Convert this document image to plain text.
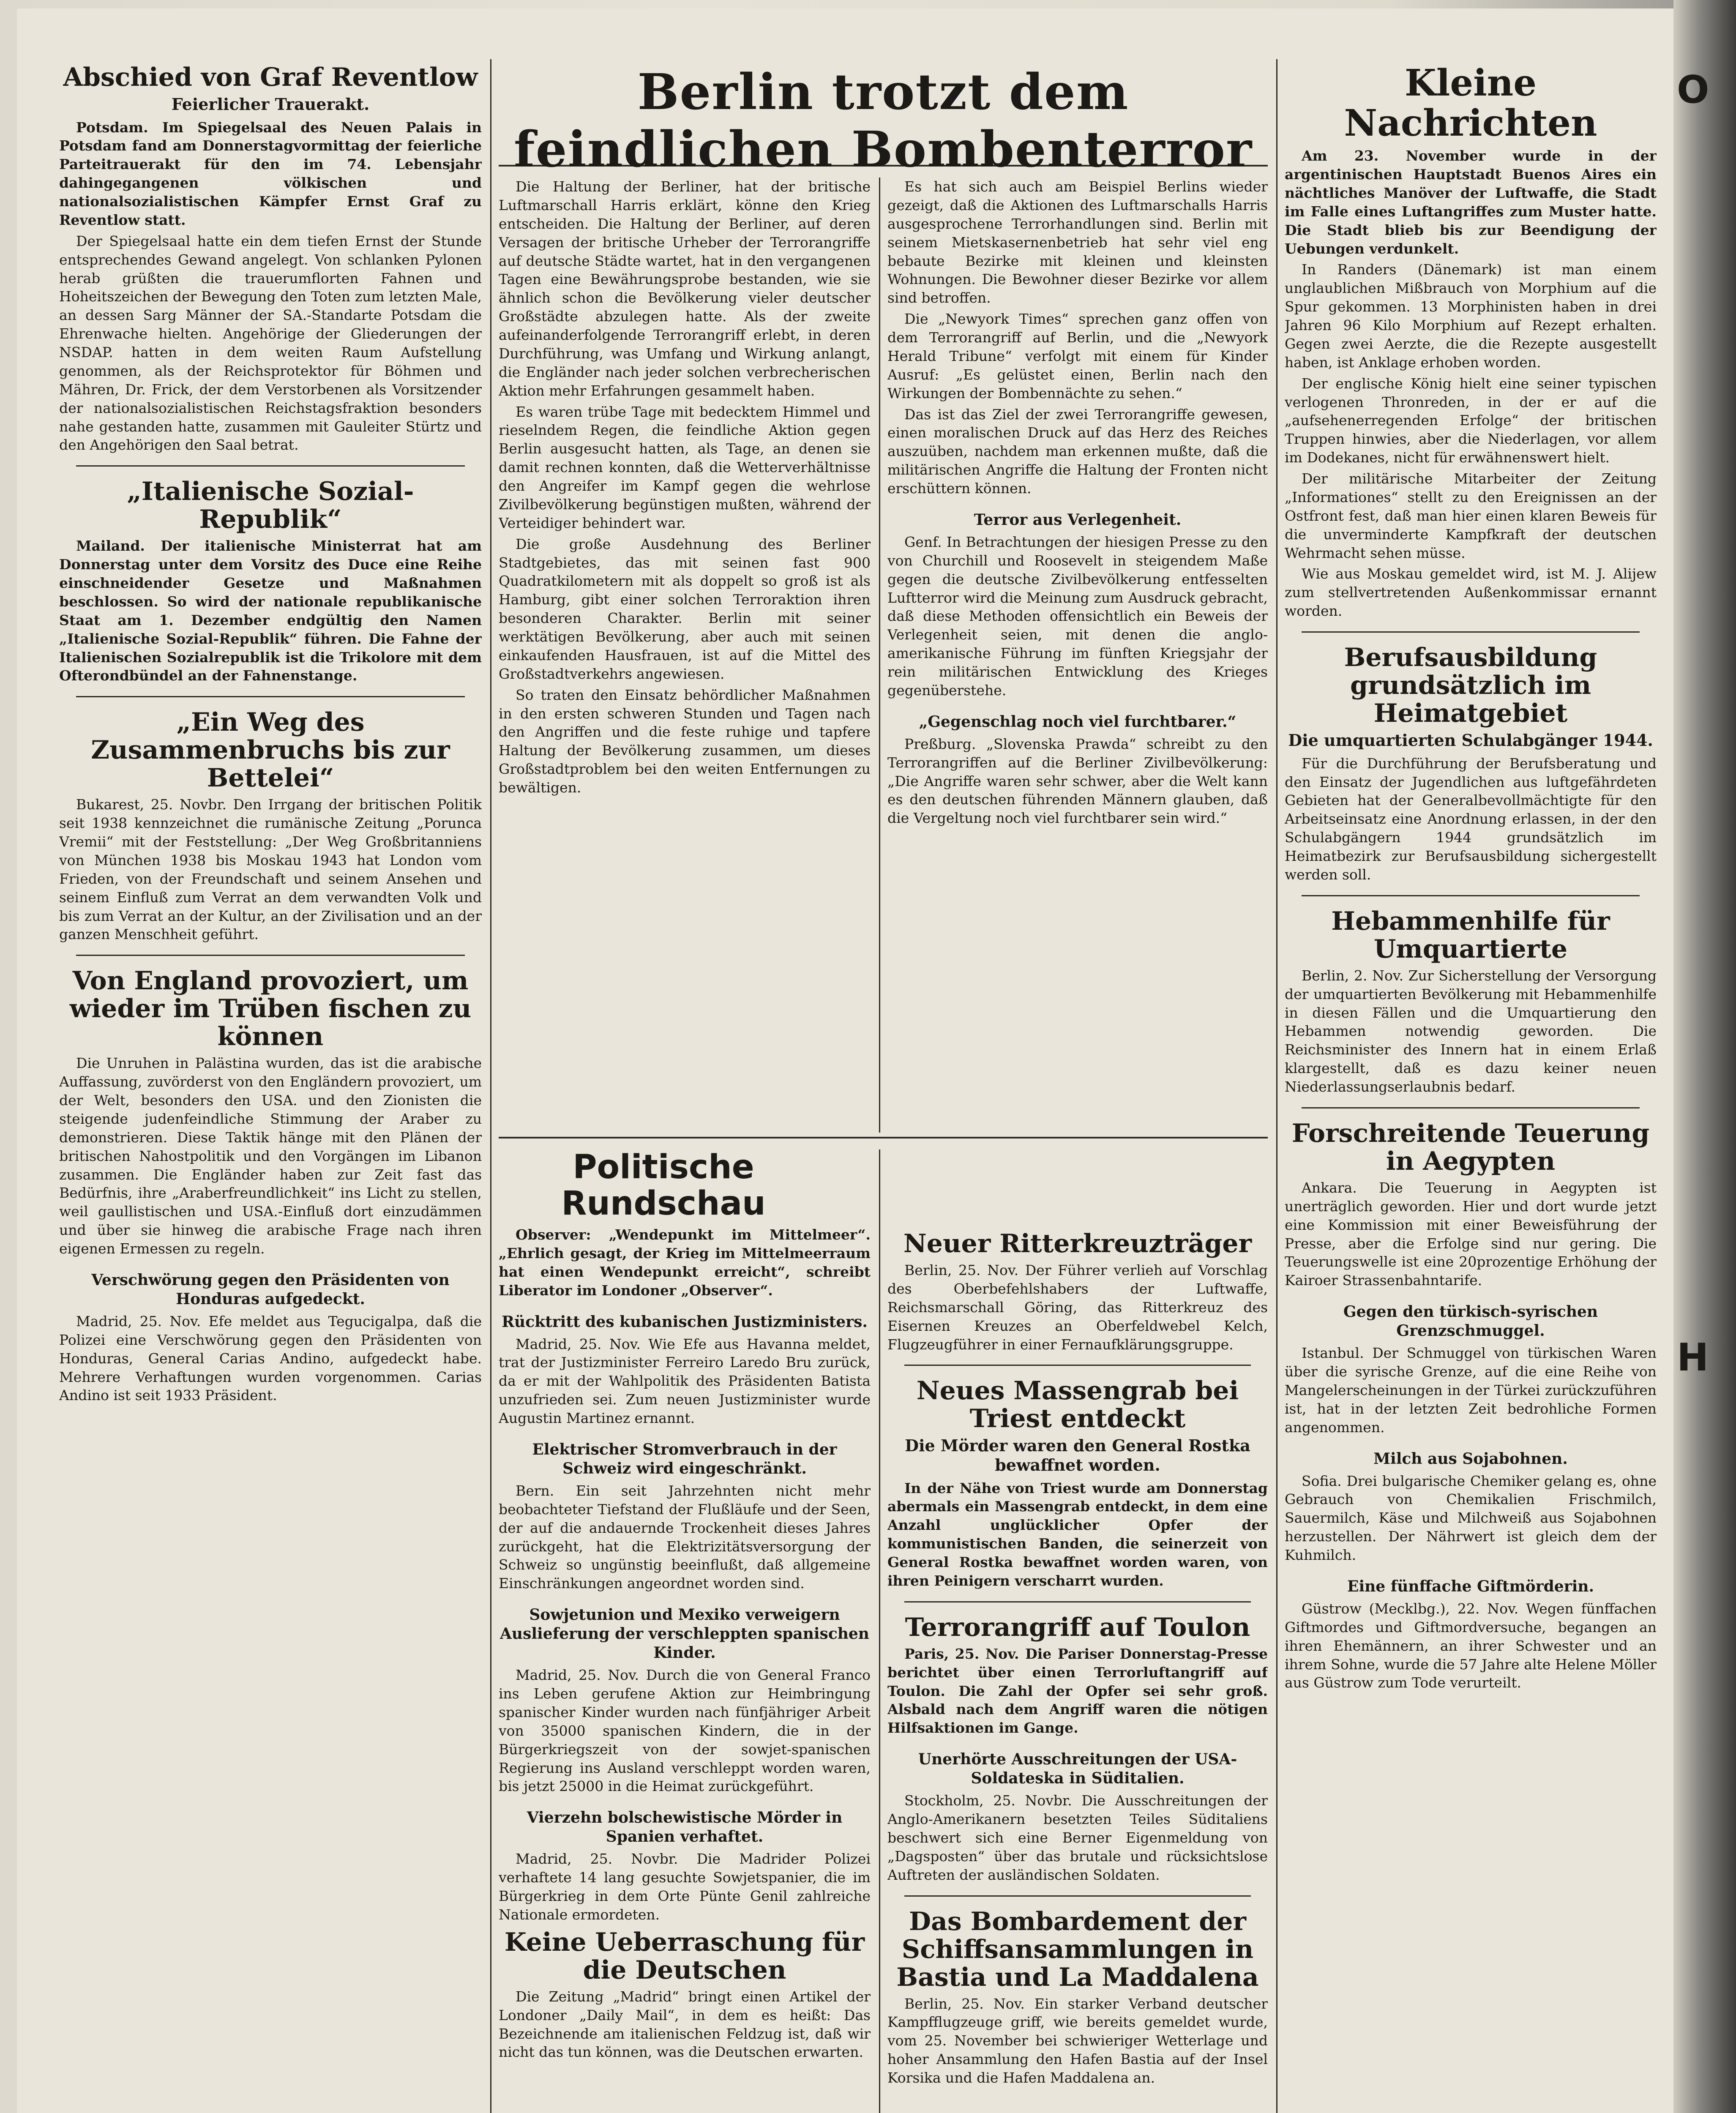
O
H
Berlin trotzt dem feindlichen Bombenterror
Abschied von Graf Reventlow
Feierlicher Trauerakt.

Potsdam. Im Spiegelsaal des Neuen Palais in Potsdam fand am Donnerstagvormittag der feierliche Parteitrauerakt für den im 74. Lebensjahr dahingegangenen völkischen und nationalsozialistischen Kämpfer Ernst Graf zu Reventlow statt.

Der Spiegelsaal hatte ein dem tiefen Ernst der Stunde entsprechendes Gewand angelegt. Von schlanken Pylonen herab grüßten die trauerumflorten Fahnen und Hoheitszeichen der Bewegung den Toten zum letzten Male, an dessen Sarg Männer der SA.-Standarte Potsdam die Ehrenwache hielten. Angehörige der Gliederungen der NSDAP. hatten in dem weiten Raum Aufstellung genommen, als der Reichsprotektor für Böhmen und Mähren, Dr. Frick, der dem Verstorbenen als Vorsitzender der nationalsozialistischen Reichstagsfraktion besonders nahe gestanden hatte, zusammen mit Gauleiter Stürtz und den Angehörigen den Saal betrat.

„Italienische Sozial-Republik“

Mailand. Der italienische Ministerrat hat am Donnerstag unter dem Vorsitz des Duce eine Reihe einschneidender Gesetze und Maßnahmen beschlossen. So wird der nationale republikanische Staat am 1. Dezember endgültig den Namen „Italienische Sozial-Republik“ führen. Die Fahne der Italienischen Sozialrepublik ist die Trikolore mit dem Ofterondbündel an der Fahnenstange.

„Ein Weg des Zusammenbruchs bis zur Bettelei“

Bukarest, 25. Novbr. Den Irrgang der britischen Politik seit 1938 kennzeichnet die rumänische Zeitung „Porunca Vremii“ mit der Feststellung: „Der Weg Großbritanniens von München 1938 bis Moskau 1943 hat London vom Frieden, von der Freundschaft und seinem Ansehen und seinem Einfluß zum Verrat an dem verwandten Volk und bis zum Verrat an der Kultur, an der Zivilisation und an der ganzen Menschheit geführt.

Von England provoziert, um wieder im Trüben fischen zu können

Die Unruhen in Palästina wurden, das ist die arabische Auffassung, zuvörderst von den Engländern provoziert, um der Welt, besonders den USA. und den Zionisten die steigende judenfeindliche Stimmung der Araber zu demonstrieren. Diese Taktik hänge mit den Plänen der britischen Nahostpolitik und den Vorgängen im Libanon zusammen. Die Engländer haben zur Zeit fast das Bedürfnis, ihre „Araberfreundlichkeit“ ins Licht zu stellen, weil gaullistischen und USA.-Einfluß dort einzudämmen und über sie hinweg die arabische Frage nach ihren eigenen Ermessen zu regeln.

Verschwörung gegen den Präsidenten von Honduras aufgedeckt.

Madrid, 25. Nov. Efe meldet aus Tegucigalpa, daß die Polizei eine Verschwörung gegen den Präsidenten von Honduras, General Carias Andino, aufgedeckt habe. Mehrere Verhaftungen wurden vorgenommen. Carias Andino ist seit 1933 Präsident.

Die Haltung der Berliner, hat der britische Luftmarschall Harris erklärt, könne den Krieg entscheiden. Die Haltung der Berliner, auf deren Versagen der britische Urheber der Terrorangriffe auf deutsche Städte wartet, hat in den vergangenen Tagen eine Bewährungsprobe bestanden, wie sie ähnlich schon die Bevölkerung vieler deutscher Großstädte abzulegen hatte. Als der zweite aufeinanderfolgende Terrorangriff erlebt, in deren Durchführung, was Umfang und Wirkung anlangt, die Engländer nach jeder solchen verbrecherischen Aktion mehr Erfahrungen gesammelt haben.

Es waren trübe Tage mit bedecktem Himmel und rieselndem Regen, die feindliche Aktion gegen Berlin ausgesucht hatten, als Tage, an denen sie damit rechnen konnten, daß die Wetterverhältnisse den Angreifer im Kampf gegen die wehrlose Zivilbevölkerung begünstigen mußten, während der Verteidiger behindert war.

Die große Ausdehnung des Berliner Stadtgebietes, das mit seinen fast 900 Quadratkilometern mit als doppelt so groß ist als Hamburg, gibt einer solchen Terroraktion ihren besonderen Charakter. Berlin mit seiner werktätigen Bevölkerung, aber auch mit seinen einkaufenden Hausfrauen, ist auf die Mittel des Großstadtverkehrs angewiesen.

So traten den Einsatz behördlicher Maßnahmen in den ersten schweren Stunden und Tagen nach den Angriffen und die feste ruhige und tapfere Haltung der Bevölkerung zusammen, um dieses Großstadtproblem bei den weiten Entfernungen zu bewältigen.

Es hat sich auch am Beispiel Berlins wieder gezeigt, daß die Aktionen des Luftmarschalls Harris ausgesprochene Terrorhandlungen sind. Berlin mit seinem Mietskasernenbetrieb hat sehr viel eng bebaute Bezirke mit kleinen und kleinsten Wohnungen. Die Bewohner dieser Bezirke vor allem sind betroffen.

Die „Newyork Times“ sprechen ganz offen von dem Terrorangriff auf Berlin, und die „Newyork Herald Tribune“ verfolgt mit einem für Kinder Ausruf: „Es gelüstet einen, Berlin nach den Wirkungen der Bombennächte zu sehen.“

Das ist das Ziel der zwei Terrorangriffe gewesen, einen moralischen Druck auf das Herz des Reiches auszuüben, nachdem man erkennen mußte, daß die militärischen Angriffe die Haltung der Fronten nicht erschüttern können.

Terror aus Verlegenheit.

Genf. In Betrachtungen der hiesigen Presse zu den von Churchill und Roosevelt in steigendem Maße gegen die deutsche Zivilbevölkerung entfesselten Luftterror wird die Meinung zum Ausdruck gebracht, daß diese Methoden offensichtlich ein Beweis der Verlegenheit seien, mit denen die anglo-amerikanische Führung im fünften Kriegsjahr der rein militärischen Entwicklung des Krieges gegenüberstehe.

„Gegenschlag noch viel furchtbarer.“

Preßburg. „Slovenska Prawda“ schreibt zu den Terrorangriffen auf die Berliner Zivilbevölkerung: „Die Angriffe waren sehr schwer, aber die Welt kann es den deutschen führenden Männern glauben, daß die Vergeltung noch viel furchtbarer sein wird.“

Politische Rundschau

Observer: „Wendepunkt im Mittelmeer“. „Ehrlich gesagt, der Krieg im Mittelmeerraum hat einen Wendepunkt erreicht“, schreibt Liberator im Londoner „Observer“.

Rücktritt des kubanischen Justizministers.

Madrid, 25. Nov. Wie Efe aus Havanna meldet, trat der Justizminister Ferreiro Laredo Bru zurück, da er mit der Wahlpolitik des Präsidenten Batista unzufrieden sei. Zum neuen Justizminister wurde Augustin Martinez ernannt.

Elektrischer Stromverbrauch in der Schweiz wird eingeschränkt.

Bern. Ein seit Jahrzehnten nicht mehr beobachteter Tiefstand der Flußläufe und der Seen, der auf die andauernde Trockenheit dieses Jahres zurückgeht, hat die Elektrizitätsversorgung der Schweiz so ungünstig beeinflußt, daß allgemeine Einschränkungen angeordnet worden sind.

Sowjetunion und Mexiko verweigern Auslieferung der verschleppten spanischen Kinder.

Madrid, 25. Nov. Durch die von General Franco ins Leben gerufene Aktion zur Heimbringung spanischer Kinder wurden nach fünfjähriger Arbeit von 35000 spanischen Kindern, die in der Bürgerkriegszeit von der sowjet-spanischen Regierung ins Ausland verschleppt worden waren, bis jetzt 25000 in die Heimat zurückgeführt.

Vierzehn bolschewistische Mörder in Spanien verhaftet.

Madrid, 25. Novbr. Die Madrider Polizei verhaftete 14 lang gesuchte Sowjetspanier, die im Bürgerkrieg in dem Orte Pünte Genil zahlreiche Nationale ermordeten.

Keine Ueberraschung für die Deutschen

Die Zeitung „Madrid“ bringt einen Artikel der Londoner „Daily Mail“, in dem es heißt: Das Bezeichnende am italienischen Feldzug ist, daß wir nicht das tun können, was die Deutschen erwarten.

Neuer Ritterkreuzträger

Berlin, 25. Nov. Der Führer verlieh auf Vorschlag des Oberbefehlshabers der Luftwaffe, Reichsmarschall Göring, das Ritterkreuz des Eisernen Kreuzes an Oberfeldwebel Kelch, Flugzeugführer in einer Fernaufklärungsgruppe.

Neues Massengrab bei Triest entdeckt
Die Mörder waren den General Rostka bewaffnet worden.

In der Nähe von Triest wurde am Donnerstag abermals ein Massengrab entdeckt, in dem eine Anzahl unglücklicher Opfer der kommunistischen Banden, die seinerzeit von General Rostka bewaffnet worden waren, von ihren Peinigern verscharrt wurden.

Terrorangriff auf Toulon

Paris, 25. Nov. Die Pariser Donnerstag-Presse berichtet über einen Terrorluftangriff auf Toulon. Die Zahl der Opfer sei sehr groß. Alsbald nach dem Angriff waren die nötigen Hilfsaktionen im Gange.

Unerhörte Ausschreitungen der USA-Soldateska in Süditalien.

Stockholm, 25. Novbr. Die Ausschreitungen der Anglo-Amerikanern besetzten Teiles Süditaliens beschwert sich eine Berner Eigenmeldung von „Dagsposten“ über das brutale und rücksichtslose Auftreten der ausländischen Soldaten.

Das Bombardement der Schiffsansammlungen in Bastia und La Maddalena

Berlin, 25. Nov. Ein starker Verband deutscher Kampfflugzeuge griff, wie bereits gemeldet wurde, vom 25. November bei schwieriger Wetterlage und hoher Ansammlung den Hafen Bastia auf der Insel Korsika und die Hafen Maddalena an.

Kleine Nachrichten

Am 23. November wurde in der argentinischen Hauptstadt Buenos Aires ein nächtliches Manöver der Luftwaffe, die Stadt im Falle eines Luftangriffes zum Muster hatte. Die Stadt blieb bis zur Beendigung der Uebungen verdunkelt.

In Randers (Dänemark) ist man einem unglaublichen Mißbrauch von Morphium auf die Spur gekommen. 13 Morphinisten haben in drei Jahren 96 Kilo Morphium auf Rezept erhalten. Gegen zwei Aerzte, die die Rezepte ausgestellt haben, ist Anklage erhoben worden.

Der englische König hielt eine seiner typischen verlogenen Thronreden, in der er auf die „aufsehenerregenden Erfolge“ der britischen Truppen hinwies, aber die Niederlagen, vor allem im Dodekanes, nicht für erwähnenswert hielt.

Der militärische Mitarbeiter der Zeitung „Informationes“ stellt zu den Ereignissen an der Ostfront fest, daß man hier einen klaren Beweis für die unverminderte Kampfkraft der deutschen Wehrmacht sehen müsse.

Wie aus Moskau gemeldet wird, ist M. J. Alijew zum stellvertretenden Außenkommissar ernannt worden.

Berufsausbildung grundsätzlich im Heimatgebiet
Die umquartierten Schulabgänger 1944.

Für die Durchführung der Berufsberatung und den Einsatz der Jugendlichen aus luftgefährdeten Gebieten hat der Generalbevollmächtigte für den Arbeitseinsatz eine Anordnung erlassen, in der den Schulabgängern 1944 grundsätzlich im Heimatbezirk zur Berufsausbildung sichergestellt werden soll.

Hebammenhilfe für Umquartierte

Berlin, 2. Nov. Zur Sicherstellung der Versorgung der umquartierten Bevölkerung mit Hebammenhilfe in diesen Fällen und die Umquartierung den Hebammen notwendig geworden. Die Reichsminister des Innern hat in einem Erlaß klargestellt, daß es dazu keiner neuen Niederlassungserlaubnis bedarf.

Forschreitende Teuerung in Aegypten

Ankara. Die Teuerung in Aegypten ist unerträglich geworden. Hier und dort wurde jetzt eine Kommission mit einer Beweisführung der Presse, aber die Erfolge sind nur gering. Die Teuerungswelle ist eine 20prozentige Erhöhung der Kairoer Strassenbahntarife.

Gegen den türkisch-syrischen Grenzschmuggel.

Istanbul. Der Schmuggel von türkischen Waren über die syrische Grenze, auf die eine Reihe von Mangelerscheinungen in der Türkei zurückzuführen ist, hat in der letzten Zeit bedrohliche Formen angenommen.

Milch aus Sojabohnen.

Sofia. Drei bulgarische Chemiker gelang es, ohne Gebrauch von Chemikalien Frischmilch, Sauermilch, Käse und Milchweiß aus Sojabohnen herzustellen. Der Nährwert ist gleich dem der Kuhmilch.

Eine fünffache Giftmörderin.

Güstrow (Mecklbg.), 22. Nov. Wegen fünffachen Giftmordes und Giftmordversuche, begangen an ihren Ehemännern, an ihrer Schwester und an ihrem Sohne, wurde die 57 Jahre alte Helene Möller aus Güstrow zum Tode verurteilt.
